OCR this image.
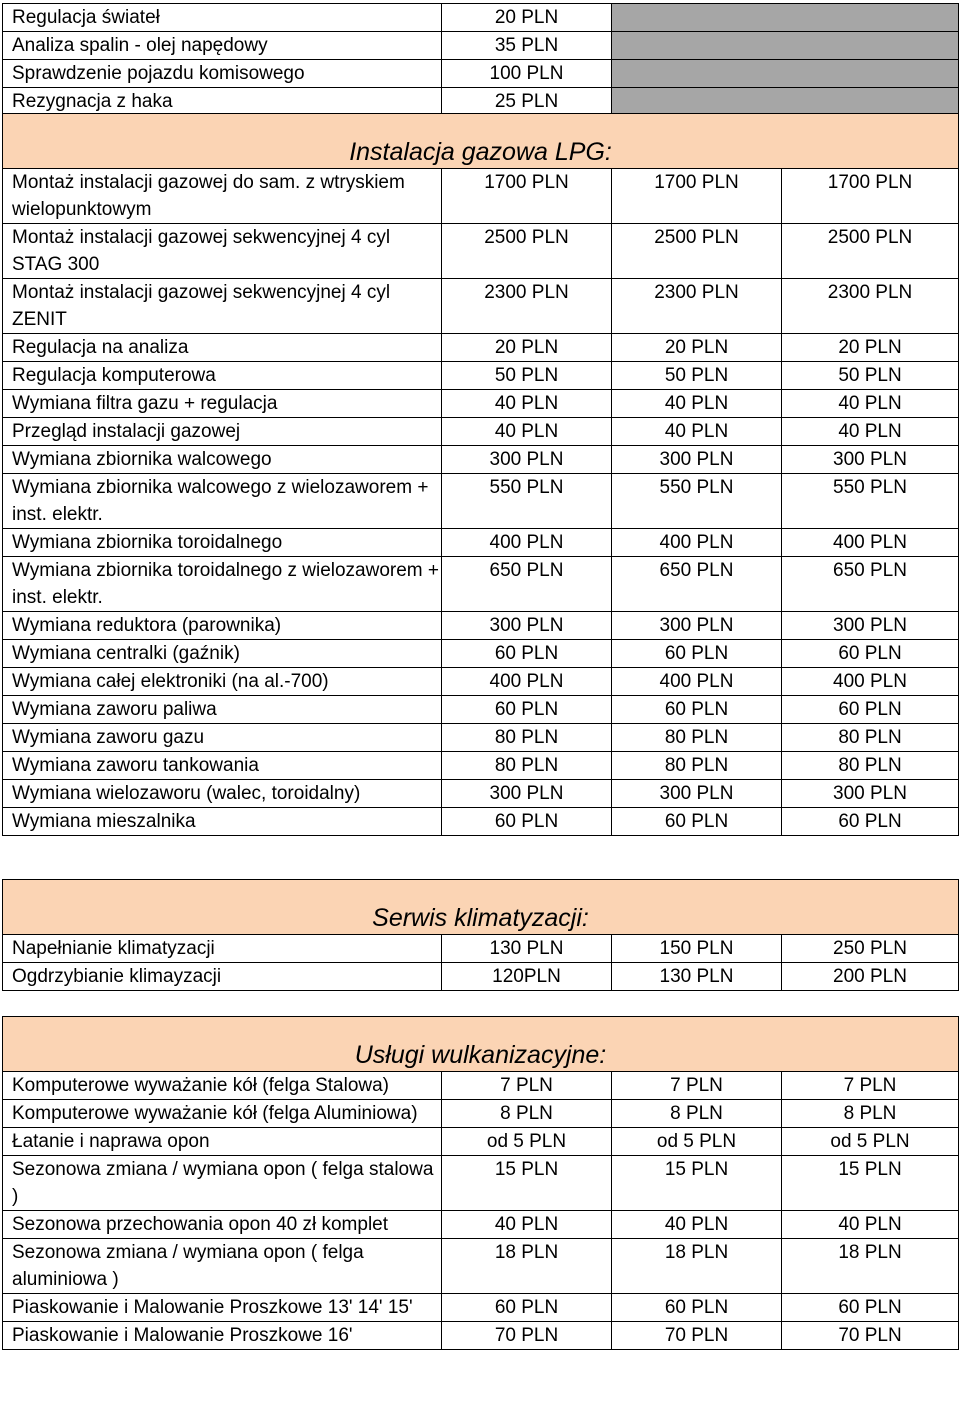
Regulacja świateł	20 PLN	
Analiza spalin - olej napędowy	35 PLN	
Sprawdzenie pojazdu komisowego	100 PLN	
Rezygnacja z haka	25 PLN	
Instalacja gazowa LPG:			
Montaż instalacji gazowej do sam. z wtryskiem wielopunktowym	1700 PLN	1700 PLN	1700 PLN
Montaż instalacji gazowej sekwencyjnej 4 cyl STAG 300	2500 PLN	2500 PLN	2500 PLN
Montaż instalacji gazowej sekwencyjnej 4 cyl ZENIT	2300 PLN	2300 PLN	2300 PLN
Regulacja na analiza	20 PLN	20 PLN	20 PLN
Regulacja komputerowa	50 PLN	50 PLN	50 PLN
Wymiana filtra gazu + regulacja	40 PLN	40 PLN	40 PLN
Przegląd instalacji gazowej	40 PLN	40 PLN	40 PLN
Wymiana zbiornika walcowego	300 PLN	300 PLN	300 PLN
Wymiana zbiornika walcowego z wielozaworem + inst. elektr.	550 PLN	550 PLN	550 PLN
Wymiana zbiornika toroidalnego	400 PLN	400 PLN	400 PLN
Wymiana zbiornika toroidalnego z wielozaworem + inst. elektr.	650 PLN	650 PLN	650 PLN
Wymiana reduktora (parownika)	300 PLN	300 PLN	300 PLN
Wymiana centralki (gaźnik)	60 PLN	60 PLN	60 PLN
Wymiana całej elektroniki (na al.-700)	400 PLN	400 PLN	400 PLN
Wymiana zaworu paliwa	60 PLN	60 PLN	60 PLN
Wymiana zaworu gazu	80 PLN	80 PLN	80 PLN
Wymiana zaworu tankowania	80 PLN	80 PLN	80 PLN
Wymiana wielozaworu (walec, toroidalny)	300 PLN	300 PLN	300 PLN
Wymiana mieszalnika	60 PLN	60 PLN	60 PLN
Serwis klimatyzacji:			
Napełnianie klimatyzacji	130 PLN	150 PLN	250 PLN
Ogdrzybianie klimayzacji	120PLN	130 PLN	200 PLN
Usługi wulkanizacyjne:			
Komputerowe wyważanie kół (felga Stalowa)	7 PLN	7 PLN	7 PLN
Komputerowe wyważanie kół (felga Aluminiowa)	8 PLN	8 PLN	8 PLN
Łatanie i naprawa opon	od 5 PLN	od 5 PLN	od 5 PLN
Sezonowa zmiana / wymiana opon ( felga stalowa )	15 PLN	15 PLN	15 PLN
Sezonowa przechowania opon 40 zł komplet	40 PLN	40 PLN	40 PLN
Sezonowa zmiana / wymiana opon ( felga aluminiowa )	18 PLN	18 PLN	18 PLN
Piaskowanie i Malowanie Proszkowe 13' 14' 15'	60 PLN	60 PLN	60 PLN
Piaskowanie i Malowanie Proszkowe 16'	70 PLN	70 PLN	70 PLN
